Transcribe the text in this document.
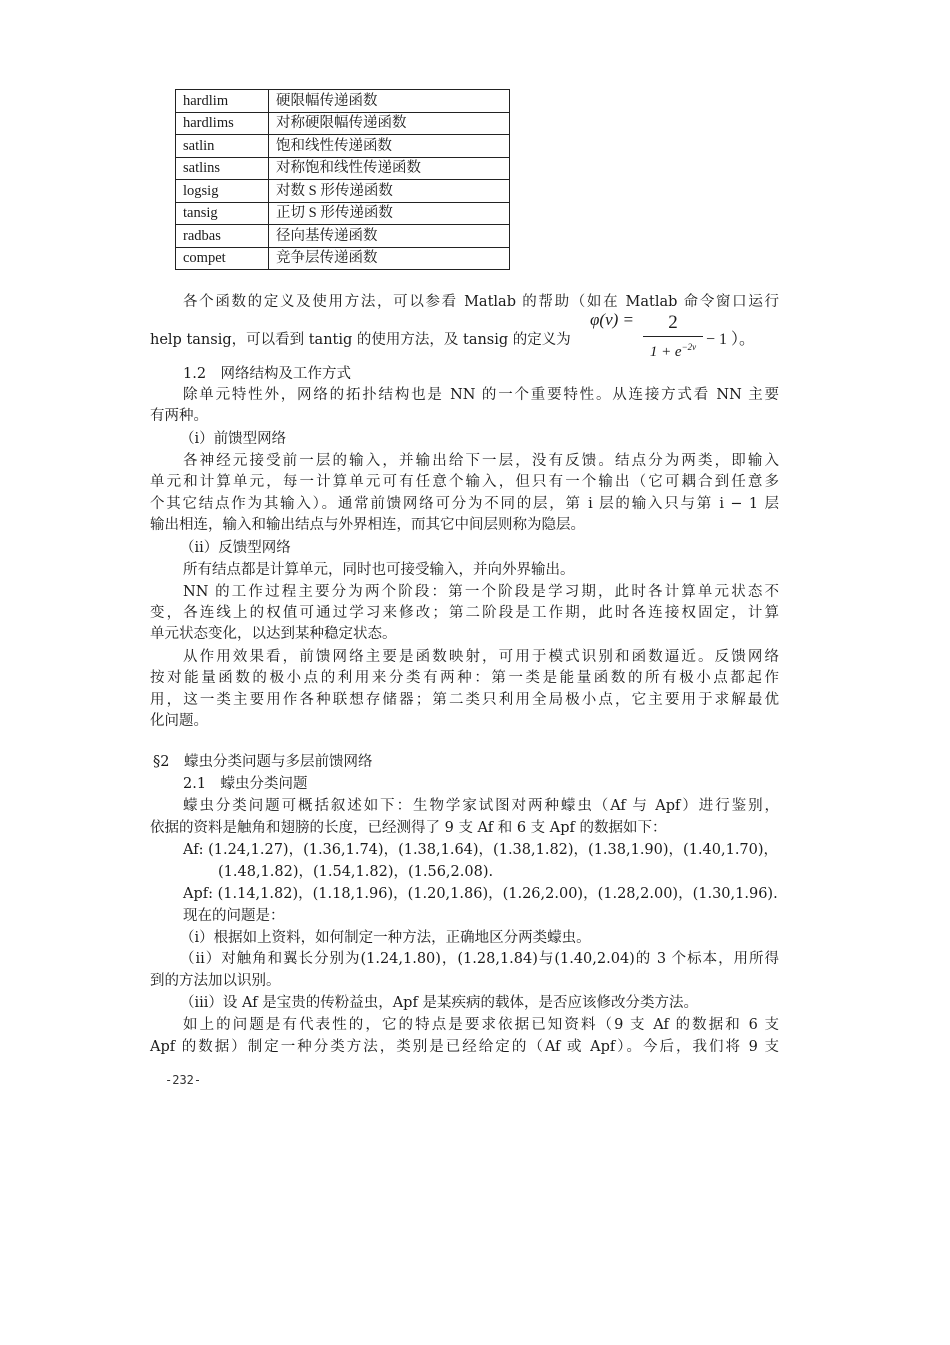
hardlim	硬限幅传递函数
hardlims	对称硬限幅传递函数
satlin	饱和线性传递函数
satlins	对称饱和线性传递函数
logsig	对数 S 形传递函数
tansig	正切 S 形传递函数
radbas	径向基传递函数
compet	竞争层传递函数
各个函数的定义及使用方法，可以参看 Matlab 的帮助（如在 Matlab 命令窗口运行
help tansig，可以看到 tantig 的使用方法，及 tansig 的定义为
φ(v) =	2
$1 + e^{-2v} - 1$ ）。
1.2　网络结构及工作方式
除单元特性外，网络的拓扑结构也是 NN 的一个重要特性。从连接方式看 NN 主要
有两种。
（i）前馈型网络
各神经元接受前一层的输入，并输出给下一层，没有反馈。结点分为两类，即输入
单元和计算单元，每一计算单元可有任意个输入，但只有一个输出（它可耦合到任意多
个其它结点作为其输入）。通常前馈网络可分为不同的层，第 i 层的输入只与第 i − 1 层
输出相连，输入和输出结点与外界相连，而其它中间层则称为隐层。
（ii）反馈型网络
所有结点都是计算单元，同时也可接受输入，并向外界输出。
NN 的工作过程主要分为两个阶段：第一个阶段是学习期，此时各计算单元状态不
变，各连线上的权值可通过学习来修改；第二阶段是工作期，此时各连接权固定，计算
单元状态变化，以达到某种稳定状态。
从作用效果看，前馈网络主要是函数映射，可用于模式识别和函数逼近。反馈网络
按对能量函数的极小点的利用来分类有两种：第一类是能量函数的所有极小点都起作
用，这一类主要用作各种联想存储器；第二类只利用全局极小点，它主要用于求解最优
化问题。
§2　蠓虫分类问题与多层前馈网络
2.1　蠓虫分类问题
蠓虫分类问题可概括叙述如下：生物学家试图对两种蠓虫（Af 与 Apf）进行鉴别，
依据的资料是触角和翅膀的长度，已经测得了 9 支 Af 和 6 支 Apf 的数据如下：
Af: (1.24,1.27)，(1.36,1.74)，(1.38,1.64)，(1.38,1.82)，(1.38,1.90)，(1.40,1.70)，
(1.48,1.82)，(1.54,1.82)，(1.56,2.08).
Apf: (1.14,1.82)，(1.18,1.96)，(1.20,1.86)，(1.26,2.00)，(1.28,2.00)，(1.30,1.96).
现在的问题是：
（i）根据如上资料，如何制定一种方法，正确地区分两类蠓虫。
（ii）对触角和翼长分别为(1.24,1.80)，(1.28,1.84)与(1.40,2.04)的 3 个标本，用所得
到的方法加以识别。
（iii）设 Af 是宝贵的传粉益虫，Apf 是某疾病的载体，是否应该修改分类方法。
如上的问题是有代表性的，它的特点是要求依据已知资料（9 支 Af 的数据和 6 支
Apf 的数据）制定一种分类方法，类别是已经给定的（Af 或 Apf）。今后，我们将 9 支
-232-
